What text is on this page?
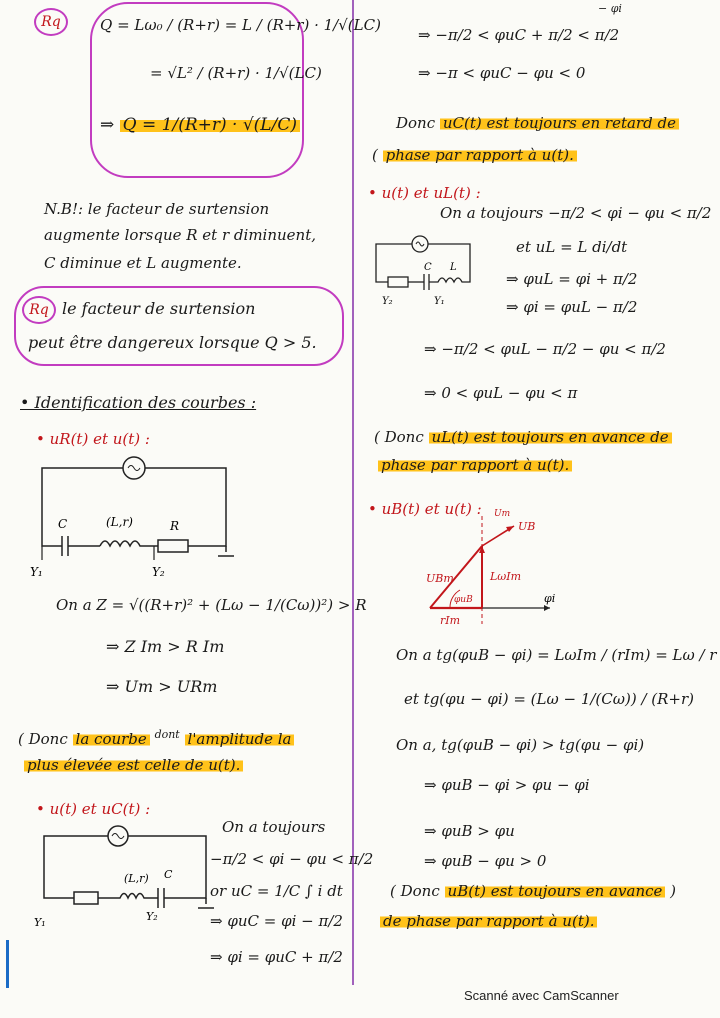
Rq	Q = Lω₀ / (R+r) = L / (R+r) · 1/√(LC)
= √L² / (R+r) · 1/√(LC)
⇒ Q = 1/(R+r) · √(L/C)
N.B!: le facteur de surtension
augmente lorsque R et r diminuent,
C diminue et L augmente.
Rq le facteur de surtension
peut être dangereux lorsque Q > 5.
• Identification des courbes :
• uR(t) et u(t) :
C	(L,r)	R
Y₁	Y₂
On a Z = √((R+r)² + (Lω − 1/(Cω))²) > R
⇒ Z Im > R Im
⇒ Um > URm
( Donc la courbe $^{dont}$ l'amplitude la
plus élevée est celle de u(t).
• u(t) et uC(t) :
(L,r) C
Y₁	Y₂
On a toujours
−π/2 < φi − φu < π/2
or uC = 1/C ∫ i dt
⇒ φuC = φi − π/2
⇒ φi = φuC + π/2
− φi
⇒ −π/2 < φuC + π/2 < π/2
⇒ −π < φuC − φu < 0
Donc uC(t) est toujours en retard de
( phase par rapport à u(t).
• u(t) et uL(t) :
On a toujours −π/2 < φi − φu < π/2
et uL = L di/dt
C L
Y₂	Y₁
⇒ φuL = φi + π/2
⇒ φi = φuL − π/2
⇒ −π/2 < φuL − π/2 − φu < π/2
⇒ 0 < φuL − φu < π
( Donc uL(t) est toujours en avance de
phase par rapport à u(t).
• uB(t) et u(t) :
UBm	LωIm
rIm
φi
φuB
UB
Um
On a tg(φuB − φi) = LωIm / (rIm) = Lω / r
et tg(φu − φi) = (Lω − 1/(Cω)) / (R+r)
On a, tg(φuB − φi) > tg(φu − φi)
⇒ φuB − φi > φu − φi
⇒ φuB > φu
⇒ φuB − φu > 0
( Donc uB(t) est toujours en avance )
de phase par rapport à u(t).
Scanné avec CamScanner
